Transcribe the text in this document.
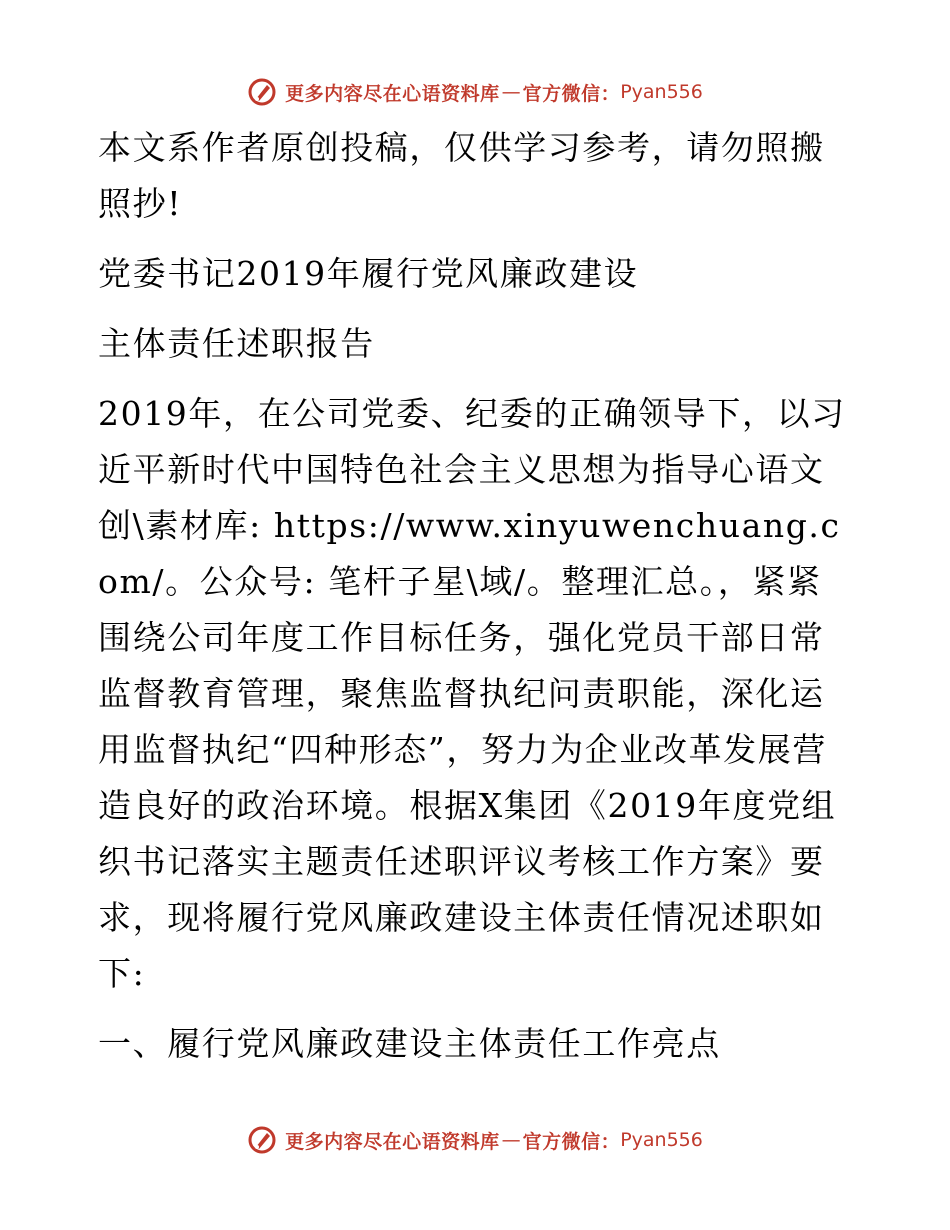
更多内容尽在心语资料库 — 官方微信： Pyan556

本文系作者原创投稿，仅供学习参考，请勿照搬照抄!

党委书记2019年履行党风廉政建设

主体责任述职报告

2019年，在公司党委、纪委的正确领导下，以习近平新时代中国特色社会主义思想为指导心语文创\素材库: https://www.xinyuwenchuang.com/。公众号: 笔杆子星\域/。整理汇总。，紧紧围绕公司年度工作目标任务，强化党员干部日常监督教育管理，聚焦监督执纪问责职能，深化运用监督执纪“四种形态”，努力为企业改革发展营造良好的政治环境。根据X集团《2019年度党组织书记落实主题责任述职评议考核工作方案》要求，现将履行党风廉政建设主体责任情况述职如下:

一、履行党风廉政建设主体责任工作亮点

更多内容尽在心语资料库 — 官方微信： Pyan556
